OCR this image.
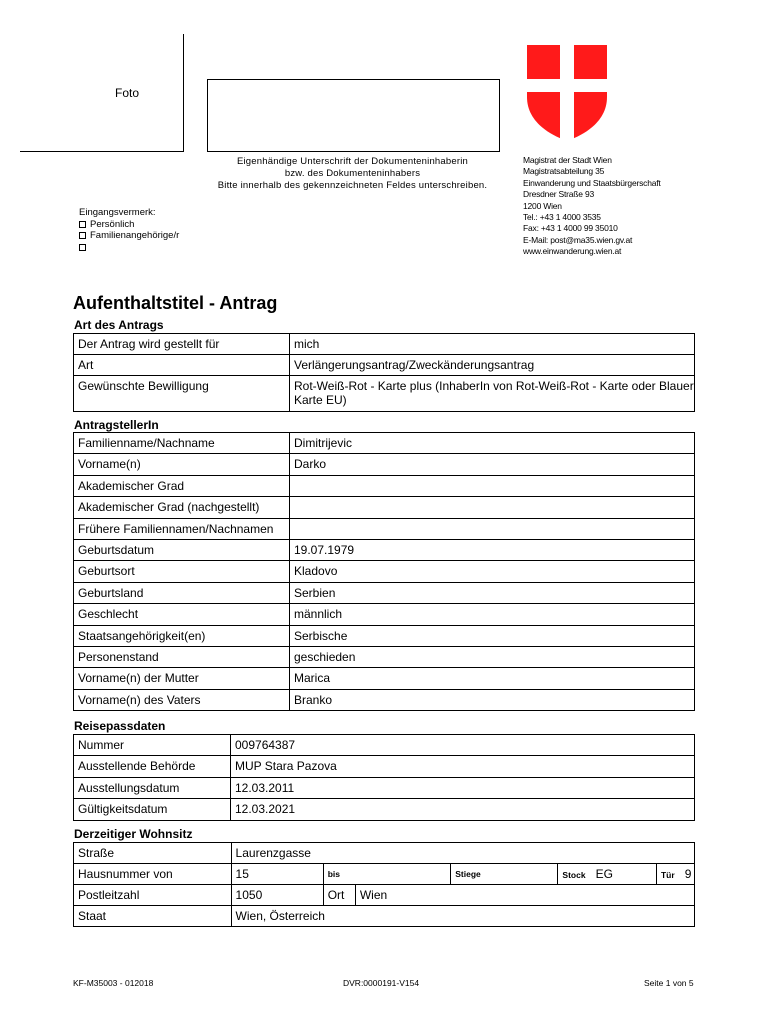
Foto
Eigenhändige Unterschrift der Dokumenteninhaberin
bzw. des Dokumenteninhabers
Bitte innerhalb des gekennzeichneten Feldes unterschreiben.
Eingangsvermerk:
Persönlich
Familienangehörige/r
Magistrat der Stadt Wien
Magistratsabteilung 35
Einwanderung und Staatsbürgerschaft
Dresdner Straße 93
1200 Wien
Tel.: +43 1 4000 3535
Fax: +43 1 4000 99 35010
E-Mail: post@ma35.wien.gv.at
www.einwanderung.wien.at
Aufenthaltstitel - Antrag
Art des Antrags
Der Antrag wird gestellt für	mich

Art	Verlängerungsantrag/Zweckänderungsantrag

Gewünschte Bewilligung	Rot-Weiß-Rot - Karte plus (InhaberIn von Rot-Weiß-Rot - Karte oder Blauer Karte EU)
AntragstellerIn
Familienname/Nachname	Dimitrijevic

Vorname(n)	Darko

Akademischer Grad	

Akademischer Grad (nachgestellt)	

Frühere Familiennamen/Nachnamen	

Geburtsdatum	19.07.1979

Geburtsort	Kladovo

Geburtsland	Serbien

Geschlecht	männlich

Staatsangehörigkeit(en)	Serbische

Personenstand	geschieden

Vorname(n) der Mutter	Marica

Vorname(n) des Vaters	Branko
Reisepassdaten
Nummer	009764387

Ausstellende Behörde	MUP Stara Pazova

Ausstellungsdatum	12.03.2011

Gültigkeitsdatum	12.03.2021
Derzeitiger Wohnsitz
Straße	Laurenzgasse					

Hausnummer von	15	bis		Stiege	Stock EG	Tür 9

Postleitzahl	1050	Ort	Wien			

Staat	Wien, Österreich					
KF-M35003 - 012018	DVR:0000191-V154	Seite 1 von 5
